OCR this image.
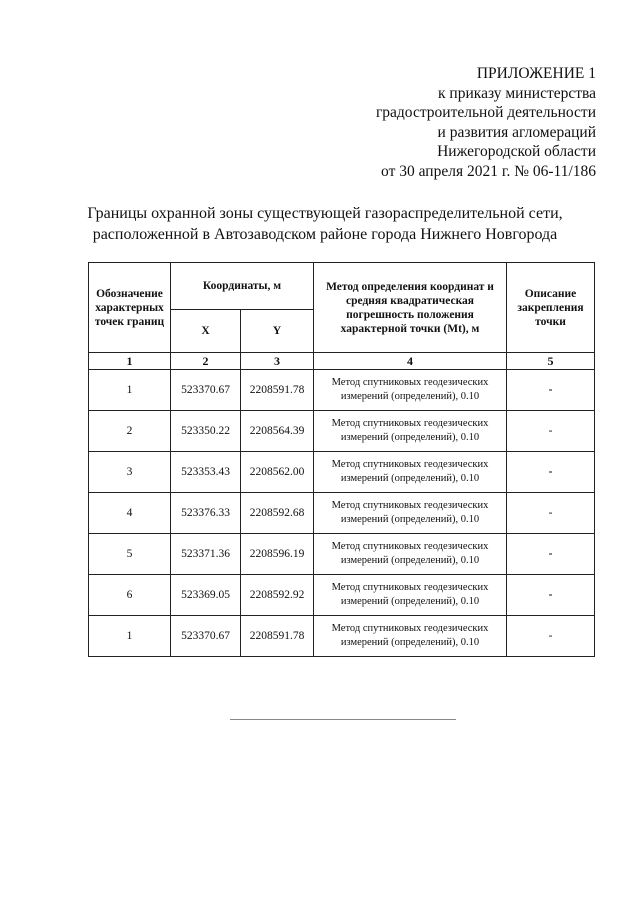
ПРИЛОЖЕНИЕ 1
к приказу министерства
градостроительной деятельности
и развития агломераций
Нижегородской области
от 30 апреля 2021 г. № 06-11/186
Границы охранной зоны существующей газораспределительной сети,
расположенной в Автозаводском районе города Нижнего Новгорода
Обозначение характерных точек границ	Координаты, м		Метод определения координат и средняя квадратическая погрешность положения характерной точки (Mt), м	Описание закрепления точки
	X	Y		
1	2	3	4	5
1	523370.67	2208591.78	Метод спутниковых геодезических измерений (определений), 0.10	-
2	523350.22	2208564.39	Метод спутниковых геодезических измерений (определений), 0.10	-
3	523353.43	2208562.00	Метод спутниковых геодезических измерений (определений), 0.10	-
4	523376.33	2208592.68	Метод спутниковых геодезических измерений (определений), 0.10	-
5	523371.36	2208596.19	Метод спутниковых геодезических измерений (определений), 0.10	-
6	523369.05	2208592.92	Метод спутниковых геодезических измерений (определений), 0.10	-
1	523370.67	2208591.78	Метод спутниковых геодезических измерений (определений), 0.10	-
